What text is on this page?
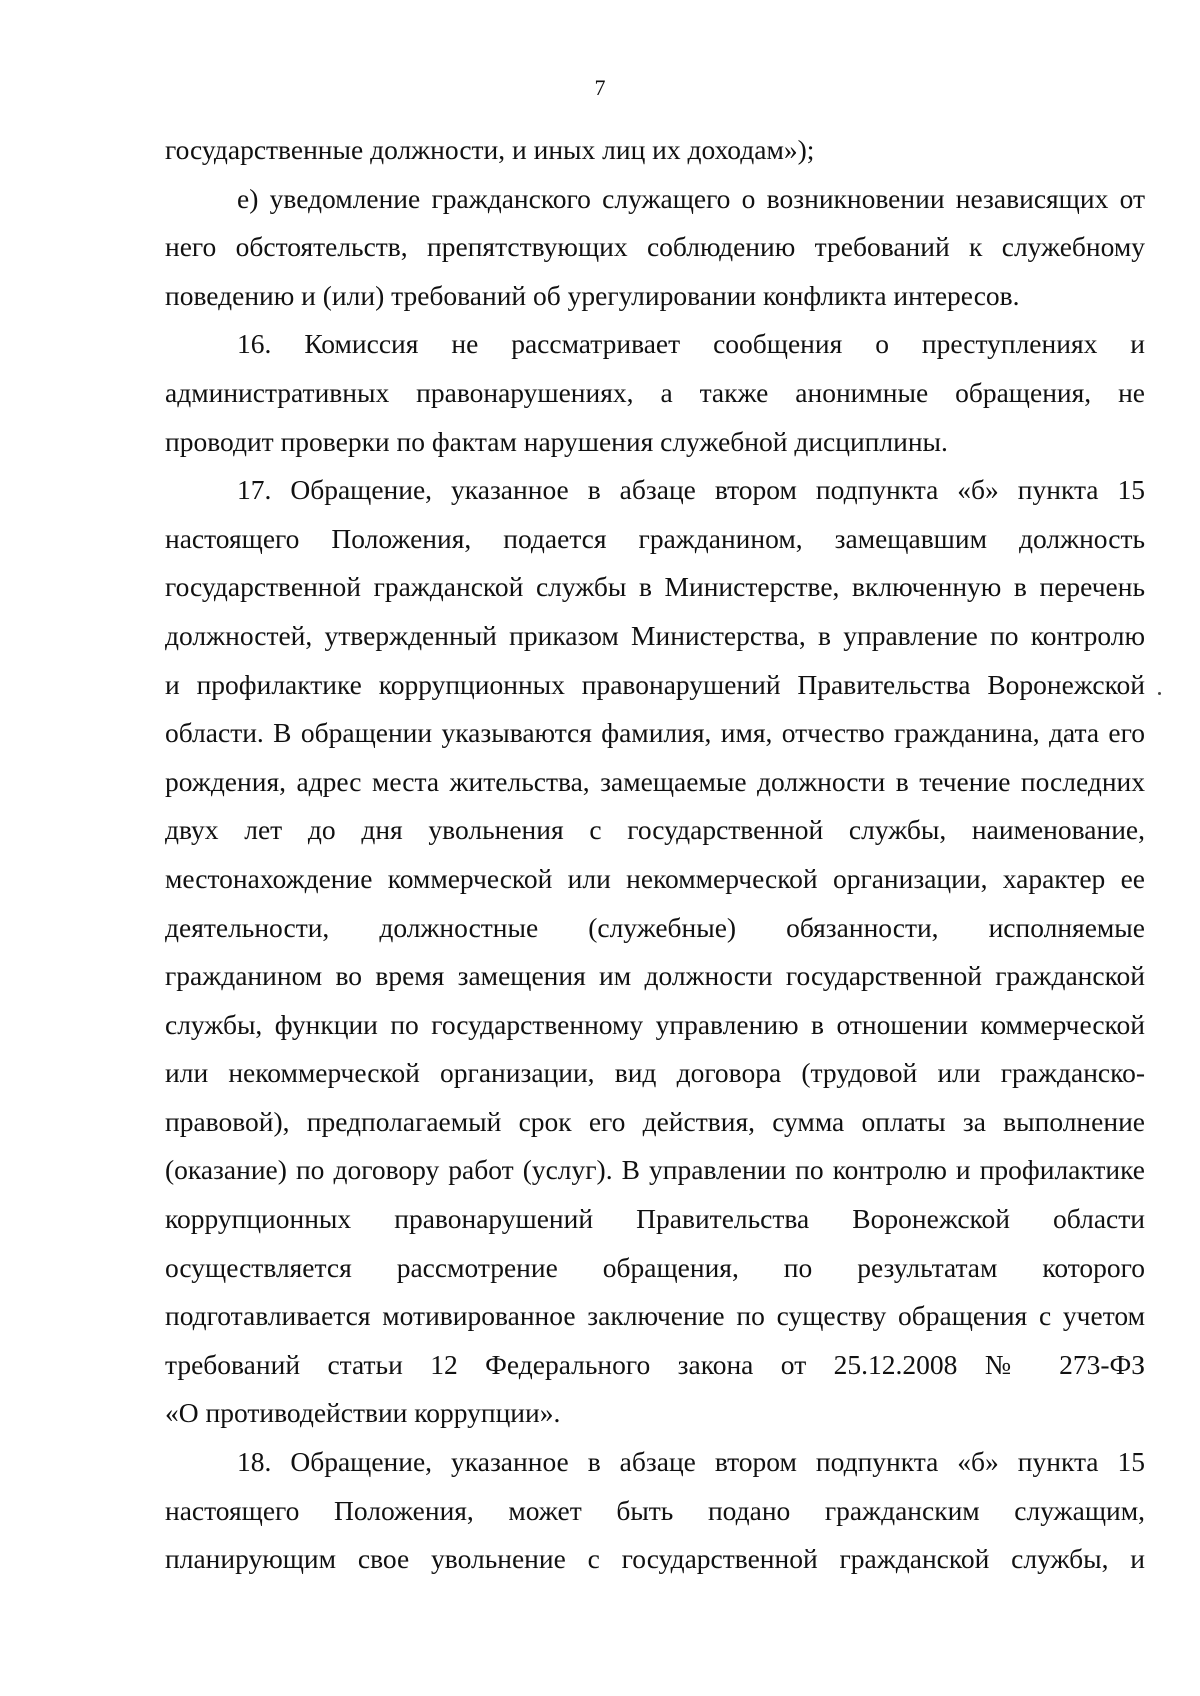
7
государственные должности, и иных лиц их доходам»);
е) уведомление гражданского служащего о возникновении независящих от
него обстоятельств, препятствующих соблюдению требований к служебному
поведению и (или) требований об урегулировании конфликта интересов.
16. Комиссия не рассматривает сообщения о преступлениях и
административных правонарушениях, а также анонимные обращения, не
проводит проверки по фактам нарушения служебной дисциплины.
17. Обращение, указанное в абзаце втором подпункта «б» пункта 15
настоящего Положения, подается гражданином, замещавшим должность
государственной гражданской службы в Министерстве, включенную в перечень
должностей, утвержденный приказом Министерства, в управление по контролю
и профилактике коррупционных правонарушений Правительства Воронежской
области. В обращении указываются фамилия, имя, отчество гражданина, дата его
рождения, адрес места жительства, замещаемые должности в течение последних
двух лет до дня увольнения с государственной службы, наименование,
местонахождение коммерческой или некоммерческой организации, характер ее
деятельности, должностные (служебные) обязанности, исполняемые
гражданином во время замещения им должности государственной гражданской
службы, функции по государственному управлению в отношении коммерческой
или некоммерческой организации, вид договора (трудовой или гражданско-
правовой), предполагаемый срок его действия, сумма оплаты за выполнение
(оказание) по договору работ (услуг). В управлении по контролю и профилактике
коррупционных правонарушений Правительства Воронежской области
осуществляется рассмотрение обращения, по результатам которого
подготавливается мотивированное заключение по существу обращения с учетом
требований статьи 12 Федерального закона от 25.12.2008 № 273-ФЗ
«О противодействии коррупции».
18. Обращение, указанное в абзаце втором подпункта «б» пункта 15
настоящего Положения, может быть подано гражданским служащим,
планирующим свое увольнение с государственной гражданской службы, и
